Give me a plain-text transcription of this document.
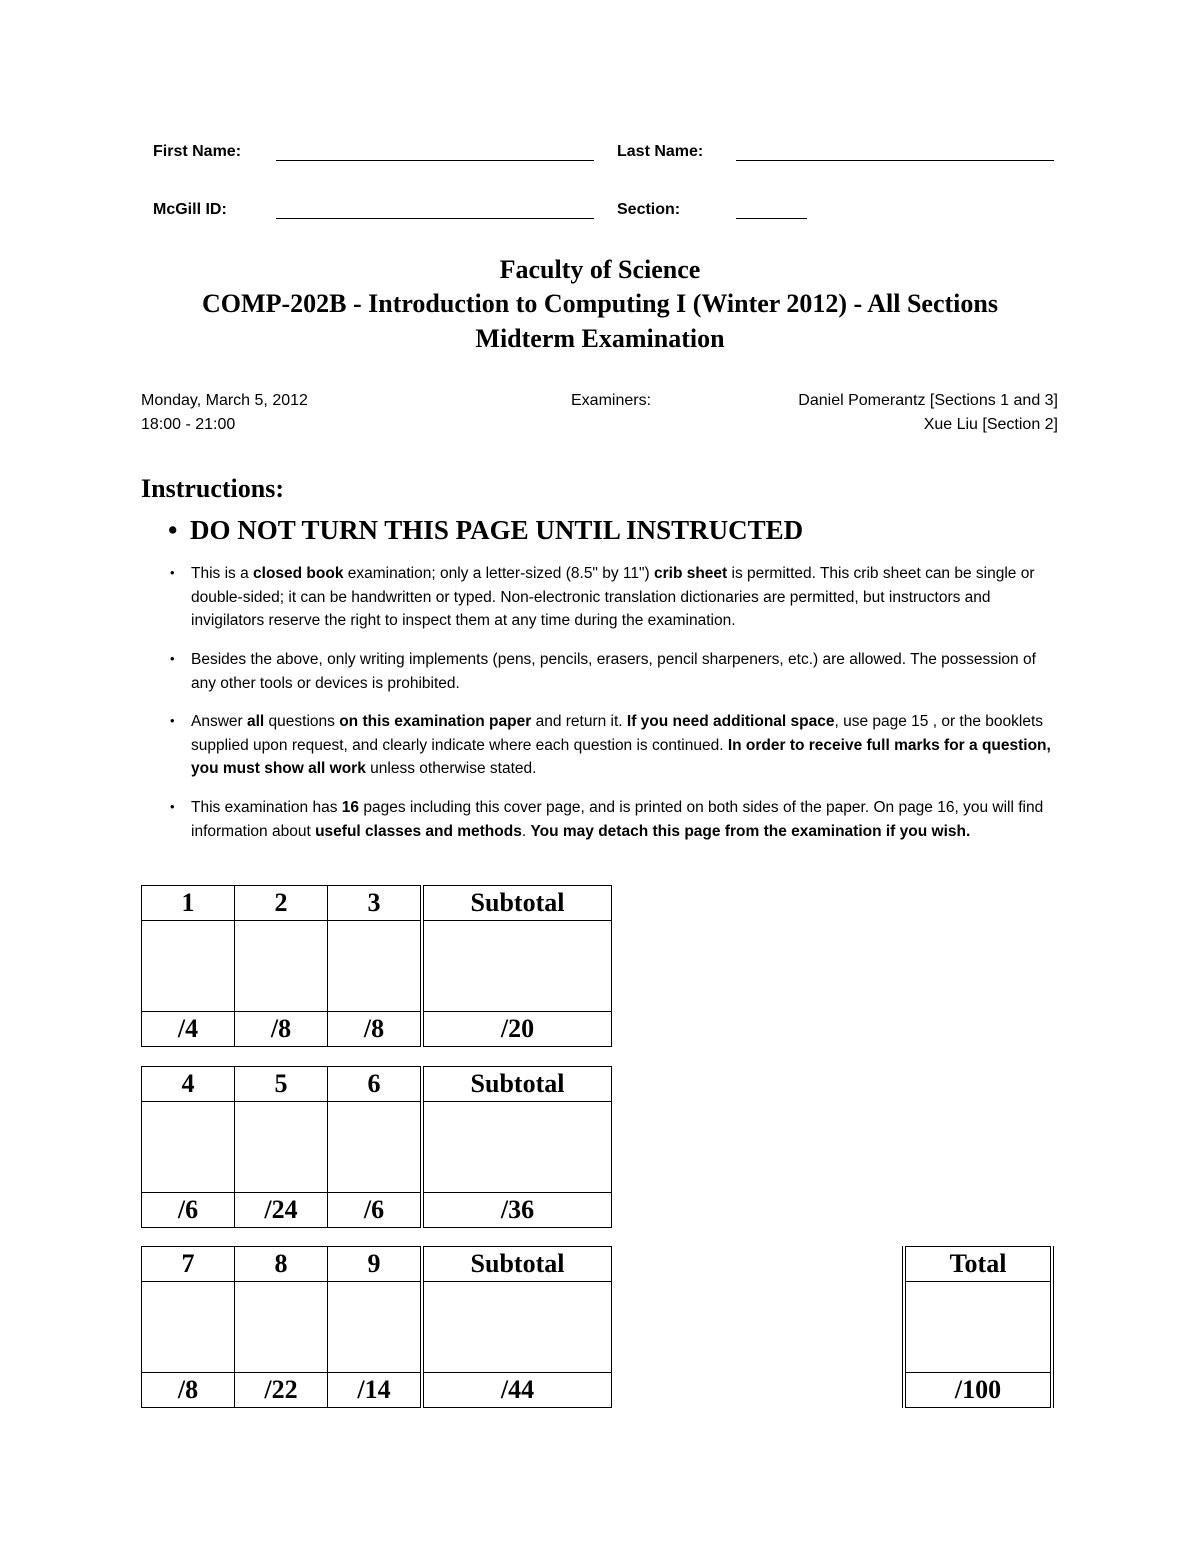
First Name:	Last Name:
McGill ID:	Section:
Faculty of Science
COMP-202B - Introduction to Computing I (Winter 2012) - All Sections
Midterm Examination
Monday, March 5, 2012
18:00 - 21:00
Examiners:	Daniel Pomerantz [Sections 1 and 3]
Xue Liu [Section 2]
Instructions:
• DO NOT TURN THIS PAGE UNTIL INSTRUCTED
• This is a closed book examination; only a letter-sized (8.5" by 11") crib sheet is permitted. This crib sheet can be single or double-sided; it can be handwritten or typed. Non-electronic translation dictionaries are permitted, but instructors and invigilators reserve the right to inspect them at any time during the examination.
• Besides the above, only writing implements (pens, pencils, erasers, pencil sharpeners, etc.) are allowed. The possession of any other tools or devices is prohibited.
• Answer all questions on this examination paper and return it. If you need additional space, use page 15 , or the booklets supplied upon request, and clearly indicate where each question is continued. In order to receive full marks for a question, you must show all work unless otherwise stated.
• This examination has 16 pages including this cover page, and is printed on both sides of the paper. On page 16, you will find information about useful classes and methods. You may detach this page from the examination if you wish.
1	2	3	Subtotal

/4	/8	/8	/20
4	5	6	Subtotal

/6	/24	/6	/36
7	8	9	Subtotal

/8	/22	/14	/44
Total

/100
